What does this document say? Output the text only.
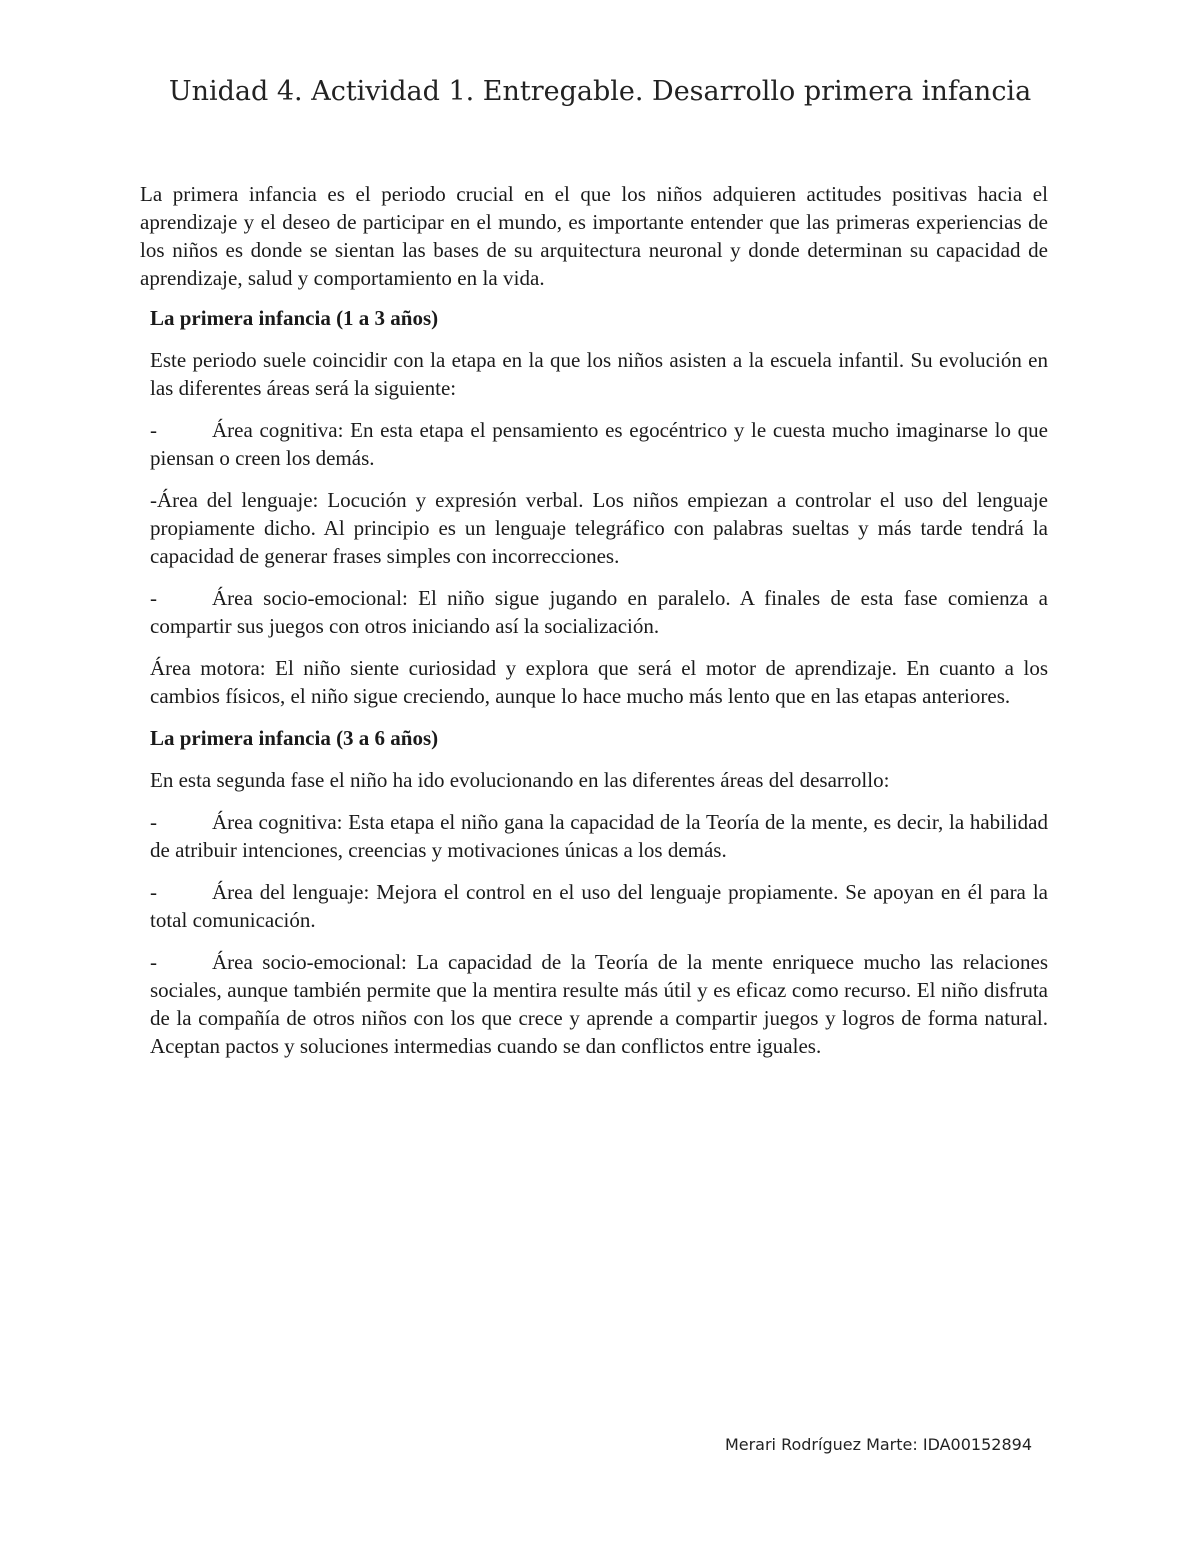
Unidad 4. Actividad 1. Entregable. Desarrollo primera infancia

La primera infancia es el periodo crucial en el que los niños adquieren actitudes positivas hacia el aprendizaje y el deseo de participar en el mundo, es importante entender que las primeras experiencias de los niños es donde se sientan las bases de su arquitectura neuronal y donde determinan su capacidad de aprendizaje, salud y comportamiento en la vida.

La primera infancia (1 a 3 años)

Este periodo suele coincidir con la etapa en la que los niños asisten a la escuela infantil. Su evolución en las diferentes áreas será la siguiente:

-	Área cognitiva: En esta etapa el pensamiento es egocéntrico y le cuesta mucho imaginarse lo que piensan o creen los demás.

-Área del lenguaje: Locución y expresión verbal. Los niños empiezan a controlar el uso del lenguaje propiamente dicho. Al principio es un lenguaje telegráfico con palabras sueltas y más tarde tendrá la capacidad de generar frases simples con incorrecciones.

-	Área socio-emocional: El niño sigue jugando en paralelo. A finales de esta fase comienza a compartir sus juegos con otros iniciando así la socialización.

Área motora: El niño siente curiosidad y explora que será el motor de aprendizaje. En cuanto a los cambios físicos, el niño sigue creciendo, aunque lo hace mucho más lento que en las etapas anteriores.

La primera infancia (3 a 6 años)

En esta segunda fase el niño ha ido evolucionando en las diferentes áreas del desarrollo:

-	Área cognitiva: Esta etapa el niño gana la capacidad de la Teoría de la mente, es decir, la habilidad de atribuir intenciones, creencias y motivaciones únicas a los demás.

-	Área del lenguaje: Mejora el control en el uso del lenguaje propiamente. Se apoyan en él para la total comunicación.

-	Área socio-emocional: La capacidad de la Teoría de la mente enriquece mucho las relaciones sociales, aunque también permite que la mentira resulte más útil y es eficaz como recurso. El niño disfruta de la compañía de otros niños con los que crece y aprende a compartir juegos y logros de forma natural. Aceptan pactos y soluciones intermedias cuando se dan conflictos entre iguales.

Merari Rodríguez Marte: IDA00152894
